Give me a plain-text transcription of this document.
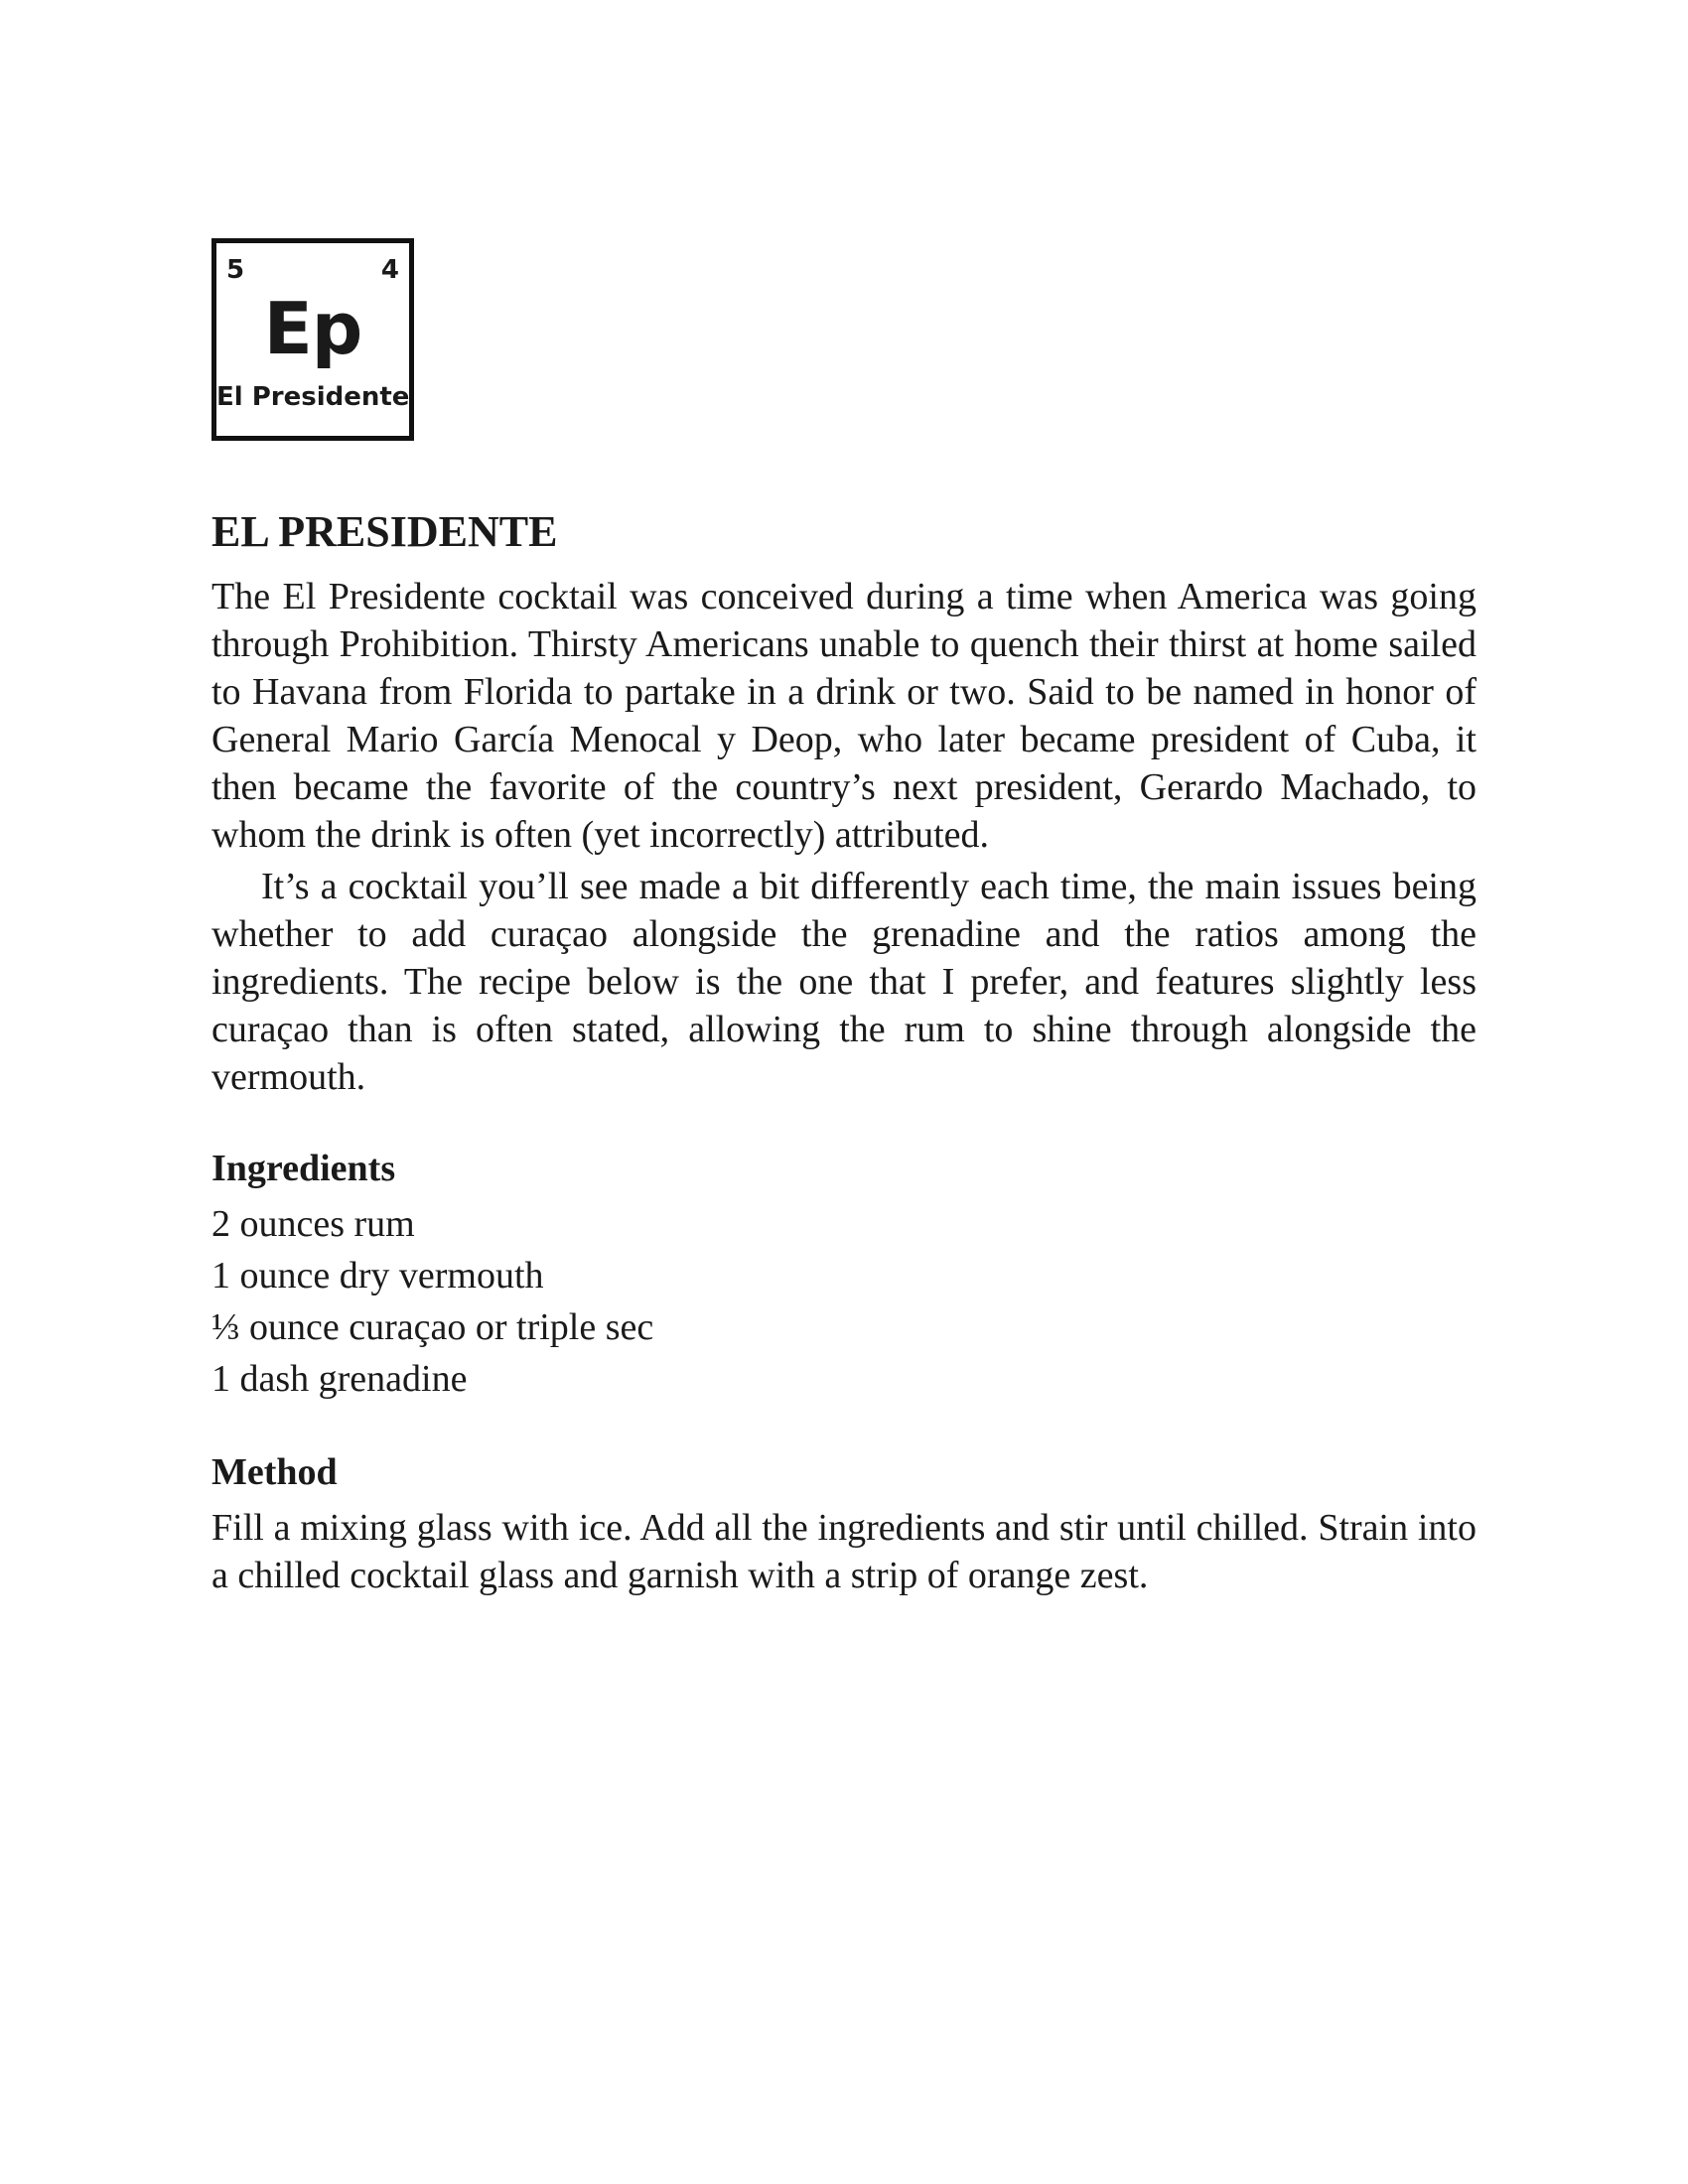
5	4
Ep
El Presidente
EL PRESIDENTE

The El Presidente cocktail was conceived during a time when America was going through Prohibition. Thirsty Americans unable to quench their thirst at home sailed to Havana from Florida to partake in a drink or two. Said to be named in honor of General Mario García Menocal y Deop, who later became president of Cuba, it then became the favorite of the country’s next president, Gerardo Machado, to whom the drink is often (yet incorrectly) attributed.

It’s a cocktail you’ll see made a bit differently each time, the main issues being whether to add curaçao alongside the grenadine and the ratios among the ingredients. The recipe below is the one that I prefer, and features slightly less curaçao than is often stated, allowing the rum to shine through alongside the vermouth.

Ingredients
2 ounces rum
1 ounce dry vermouth
⅓ ounce curaçao or triple sec
1 dash grenadine
Method

Fill a mixing glass with ice. Add all the ingredients and stir until chilled. Strain into a chilled cocktail glass and garnish with a strip of orange zest.
